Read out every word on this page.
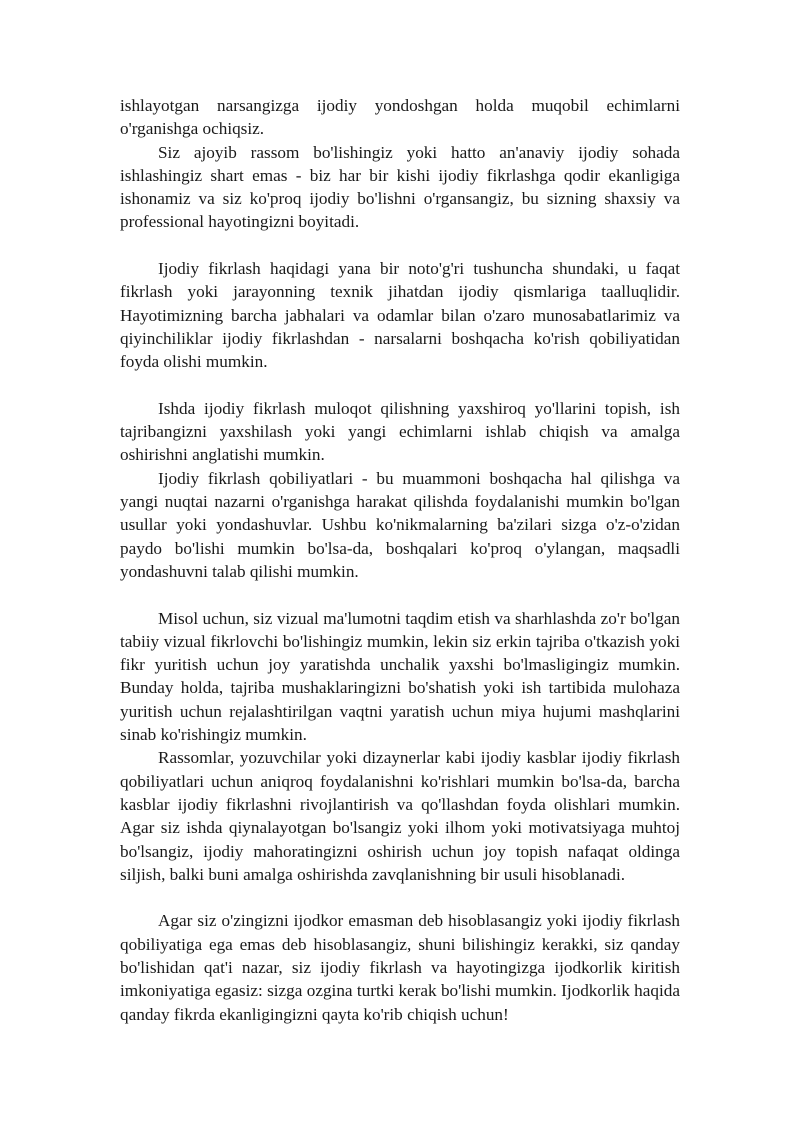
ishlayotgan narsangizga ijodiy yondoshgan holda muqobil echimlarni o'rganishga ochiqsiz.

Siz ajoyib rassom bo'lishingiz yoki hatto an'anaviy ijodiy sohada ishlashingiz shart emas - biz har bir kishi ijodiy fikrlashga qodir ekanligiga ishonamiz va siz ko'proq ijodiy bo'lishni o'rgansangiz, bu sizning shaxsiy va professional hayotingizni boyitadi.

Ijodiy fikrlash haqidagi yana bir noto'g'ri tushuncha shundaki, u faqat fikrlash yoki jarayonning texnik jihatdan ijodiy qismlariga taalluqlidir. Hayotimizning barcha jabhalari va odamlar bilan o'zaro munosabatlarimiz va qiyinchiliklar ijodiy fikrlashdan - narsalarni boshqacha ko'rish qobiliyatidan foyda olishi mumkin.

Ishda ijodiy fikrlash muloqot qilishning yaxshiroq yo'llarini topish, ish tajribangizni yaxshilash yoki yangi echimlarni ishlab chiqish va amalga oshirishni anglatishi mumkin.

Ijodiy fikrlash qobiliyatlari - bu muammoni boshqacha hal qilishga va yangi nuqtai nazarni o'rganishga harakat qilishda foydalanishi mumkin bo'lgan usullar yoki yondashuvlar. Ushbu ko'nikmalarning ba'zilari sizga o'z-o'zidan paydo bo'lishi mumkin bo'lsa-da, boshqalari ko'proq o'ylangan, maqsadli yondashuvni talab qilishi mumkin.

Misol uchun, siz vizual ma'lumotni taqdim etish va sharhlashda zo'r bo'lgan tabiiy vizual fikrlovchi bo'lishingiz mumkin, lekin siz erkin tajriba o'tkazish yoki fikr yuritish uchun joy yaratishda unchalik yaxshi bo'lmasligingiz mumkin. Bunday holda, tajriba mushaklaringizni bo'shatish yoki ish tartibida mulohaza yuritish uchun rejalashtirilgan vaqtni yaratish uchun miya hujumi mashqlarini sinab ko'rishingiz mumkin.

Rassomlar, yozuvchilar yoki dizaynerlar kabi ijodiy kasblar ijodiy fikrlash qobiliyatlari uchun aniqroq foydalanishni ko'rishlari mumkin bo'lsa-da, barcha kasblar ijodiy fikrlashni rivojlantirish va qo'llashdan foyda olishlari mumkin. Agar siz ishda qiynalayotgan bo'lsangiz yoki ilhom yoki motivatsiyaga muhtoj bo'lsangiz, ijodiy mahoratingizni oshirish uchun joy topish nafaqat oldinga siljish, balki buni amalga oshirishda zavqlanishning bir usuli hisoblanadi.

Agar siz o'zingizni ijodkor emasman deb hisoblasangiz yoki ijodiy fikrlash qobiliyatiga ega emas deb hisoblasangiz, shuni bilishingiz kerakki, siz qanday bo'lishidan qat'i nazar, siz ijodiy fikrlash va hayotingizga ijodkorlik kiritish imkoniyatiga egasiz: sizga ozgina turtki kerak bo'lishi mumkin. Ijodkorlik haqida qanday fikrda ekanligingizni qayta ko'rib chiqish uchun!
